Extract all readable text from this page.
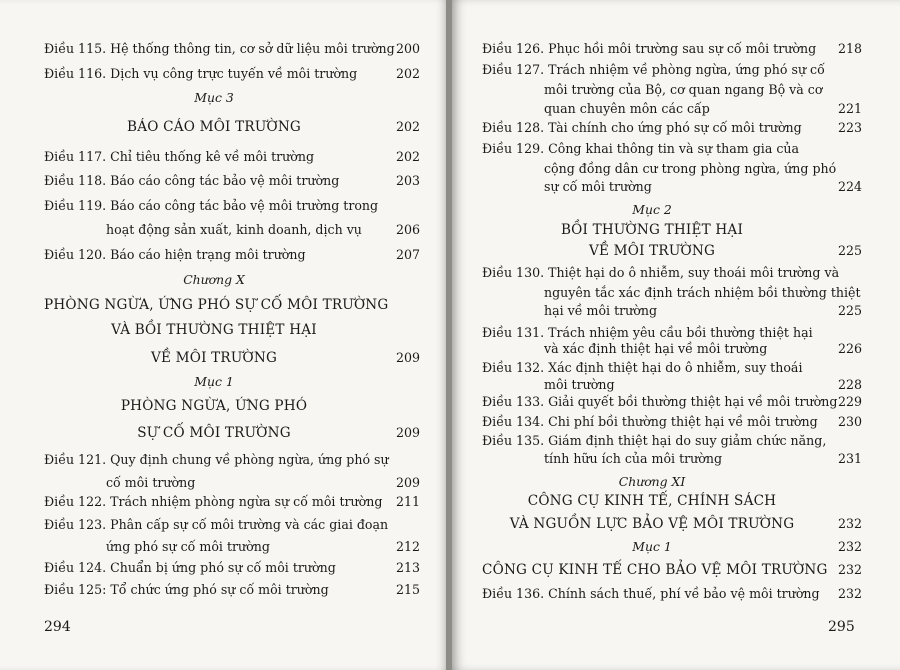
Điều 115. Hệ thống thông tin, cơ sở dữ liệu môi trường 200
Điều 116. Dịch vụ công trực tuyến về môi trường	202
Mục 3
BÁO CÁO MÔI TRƯỜNG	202
Điều 117. Chỉ tiêu thống kê về môi trường	202
Điều 118. Báo cáo công tác bảo vệ môi trường	203
Điều 119. Báo cáo công tác bảo vệ môi trường trong
hoạt động sản xuất, kinh doanh, dịch vụ	206
Điều 120. Báo cáo hiện trạng môi trường	207
Chương X
PHÒNG NGỪA, ỨNG PHÓ SỰ CỐ MÔI TRƯỜNG
VÀ BỒI THƯỜNG THIỆT HẠI
VỀ MÔI TRƯỜNG	209
Mục 1
PHÒNG NGỪA, ỨNG PHÓ
SỰ CỐ MÔI TRƯỜNG	209
Điều 121. Quy định chung về phòng ngừa, ứng phó sự
cố môi trường	209
Điều 122. Trách nhiệm phòng ngừa sự cố môi trường 211
Điều 123. Phân cấp sự cố môi trường và các giai đoạn
ứng phó sự cố môi trường	212
Điều 124. Chuẩn bị ứng phó sự cố môi trường	213
Điều 125: Tổ chức ứng phó sự cố môi trường	215
294
Điều 126. Phục hồi môi trường sau sự cố môi trường 218
Điều 127. Trách nhiệm về phòng ngừa, ứng phó sự cố
môi trường của Bộ, cơ quan ngang Bộ và cơ
quan chuyên môn các cấp	221
Điều 128. Tài chính cho ứng phó sự cố môi trường	223
Điều 129. Công khai thông tin và sự tham gia của
cộng đồng dân cư trong phòng ngừa, ứng phó
sự cố môi trường	224
Mục 2
BỒI THƯỜNG THIỆT HẠI
VỀ MÔI TRƯỜNG	225
Điều 130. Thiệt hại do ô nhiễm, suy thoái môi trường và
nguyên tắc xác định trách nhiệm bồi thường thiệt
hại về môi trường	225
Điều 131. Trách nhiệm yêu cầu bồi thường thiệt hại
và xác định thiệt hại về môi trường	226
Điều 132. Xác định thiệt hại do ô nhiễm, suy thoái
môi trường	228
Điều 133. Giải quyết bồi thường thiệt hại về môi trường 229
Điều 134. Chi phí bồi thường thiệt hại về môi trường 230
Điều 135. Giám định thiệt hại do suy giảm chức năng,
tính hữu ích của môi trường	231
Chương XI
CÔNG CỤ KINH TẾ, CHÍNH SÁCH
VÀ NGUỒN LỰC BẢO VỆ MÔI TRƯỜNG	232
Mục 1	232
CÔNG CỤ KINH TẾ CHO BẢO VỆ MÔI TRƯỜNG 232
Điều 136. Chính sách thuế, phí về bảo vệ môi trường 232
295
